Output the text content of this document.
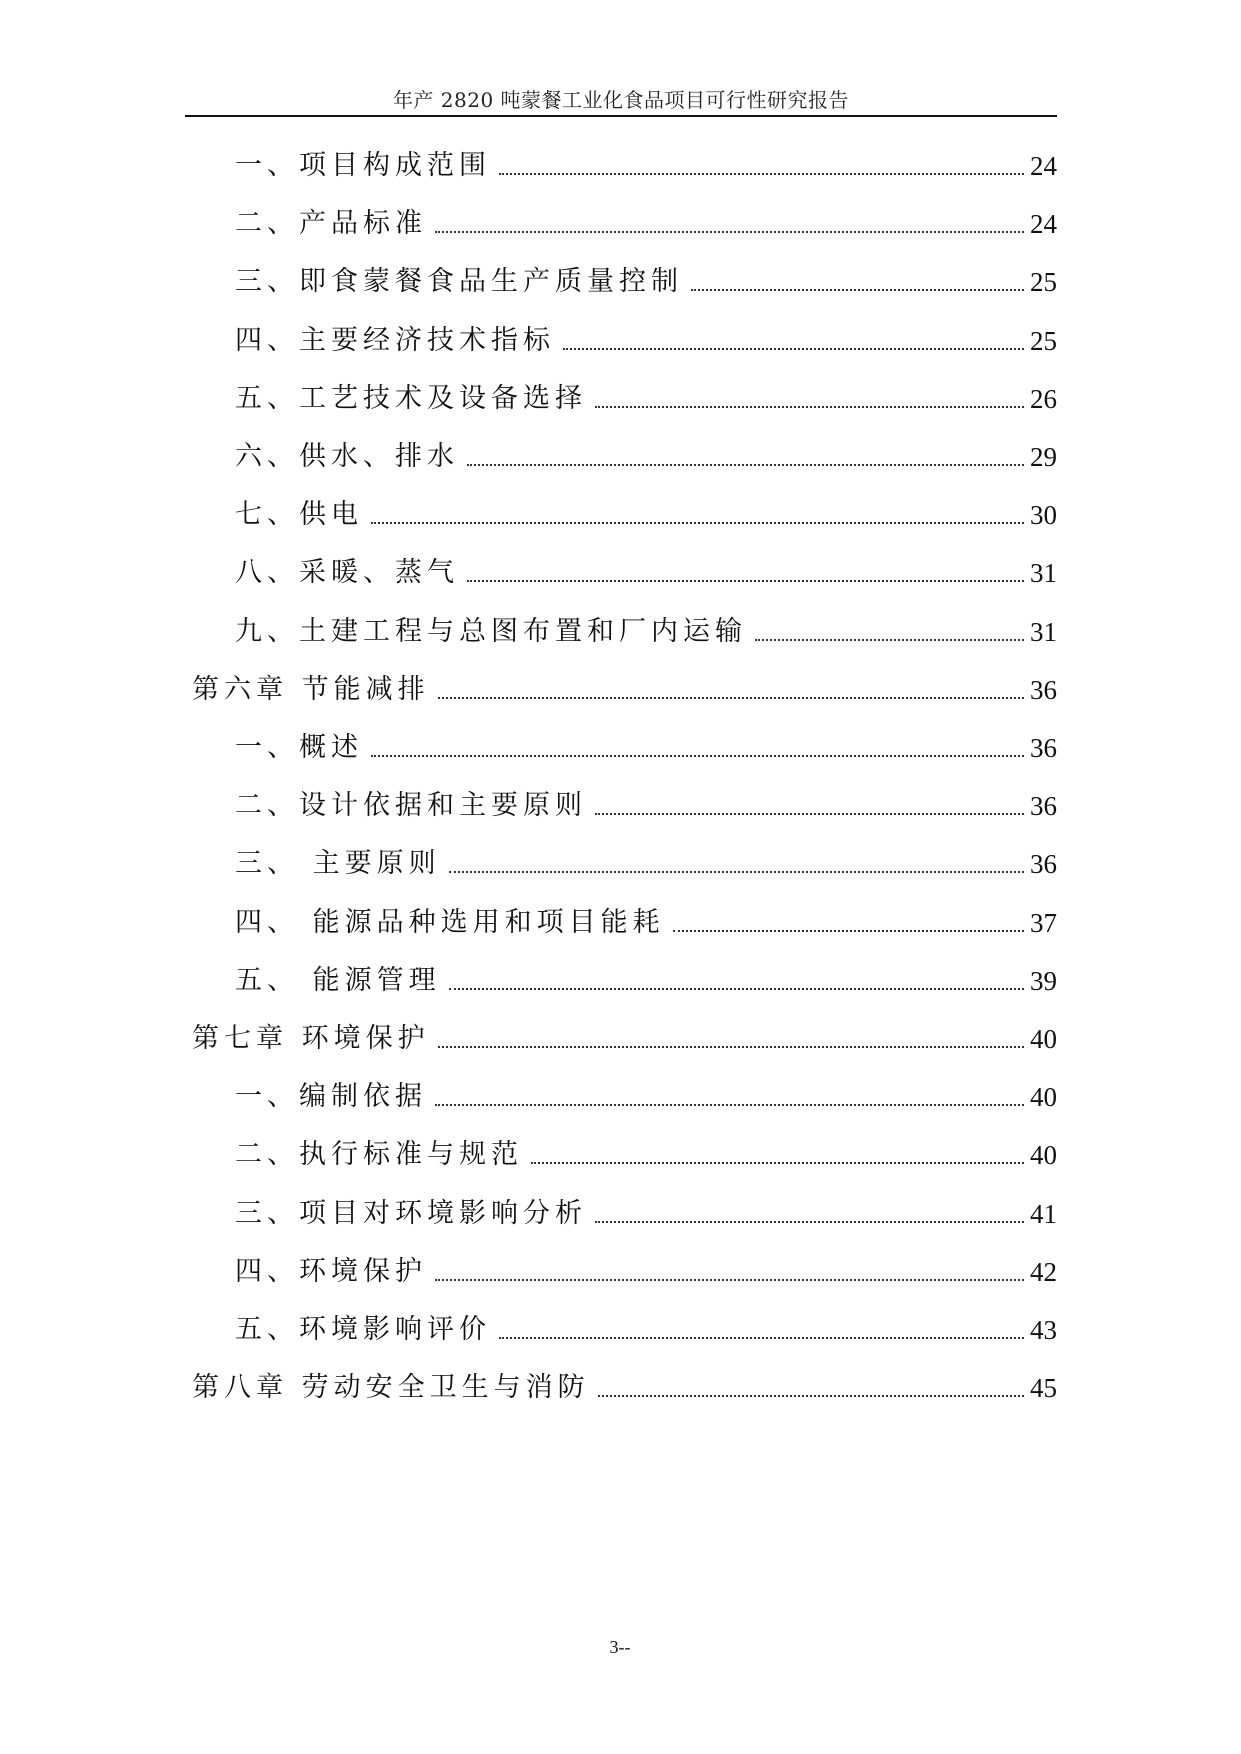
年产 2820 吨蒙餐工业化食品项目可行性研究报告
一、项目构成范围	24
二、产品标准	24
三、即食蒙餐食品生产质量控制	25
四、主要经济技术指标	25
五、工艺技术及设备选择	26
六、供水、排水	29
七、供电	30
八、采暖、蒸气	31
九、土建工程与总图布置和厂内运输	31
第六章 节能减排	36
一、概述	36
二、设计依据和主要原则	36
三、 主要原则	36
四、 能源品种选用和项目能耗	37
五、 能源管理	39
第七章 环境保护	40
一、编制依据	40
二、执行标准与规范	40
三、项目对环境影响分析	41
四、环境保护	42
五、环境影响评价	43
第八章 劳动安全卫生与消防	45
3--
